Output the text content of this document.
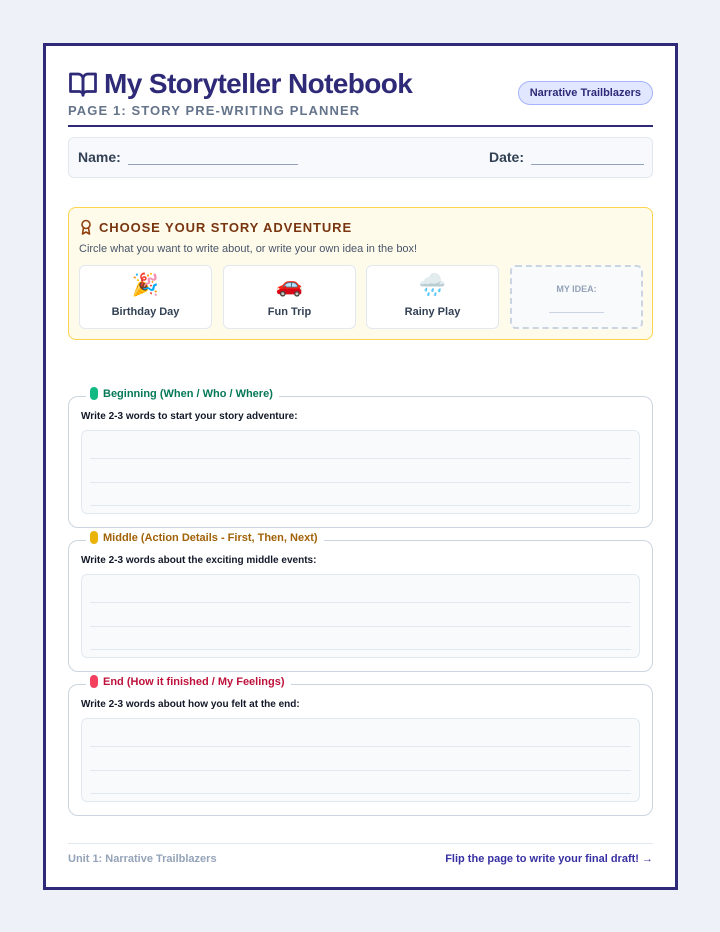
My Storyteller Notebook
PAGE 1: STORY PRE-WRITING PLANNER
Narrative Trailblazers
Name:	Date:
CHOOSE YOUR STORY ADVENTURE
Circle what you want to write about, or write your own idea in the box!
🎉
Birthday Day
🚗
Fun Trip
🌧️
Rainy Play
MY IDEA:
Beginning (When / Who / Where)
Write 2-3 words to start your story adventure:
Middle (Action Details - First, Then, Next)
Write 2-3 words about the exciting middle events:
End (How it finished / My Feelings)
Write 2-3 words about how you felt at the end:
Unit 1: Narrative Trailblazers	Flip the page to write your final draft! →
